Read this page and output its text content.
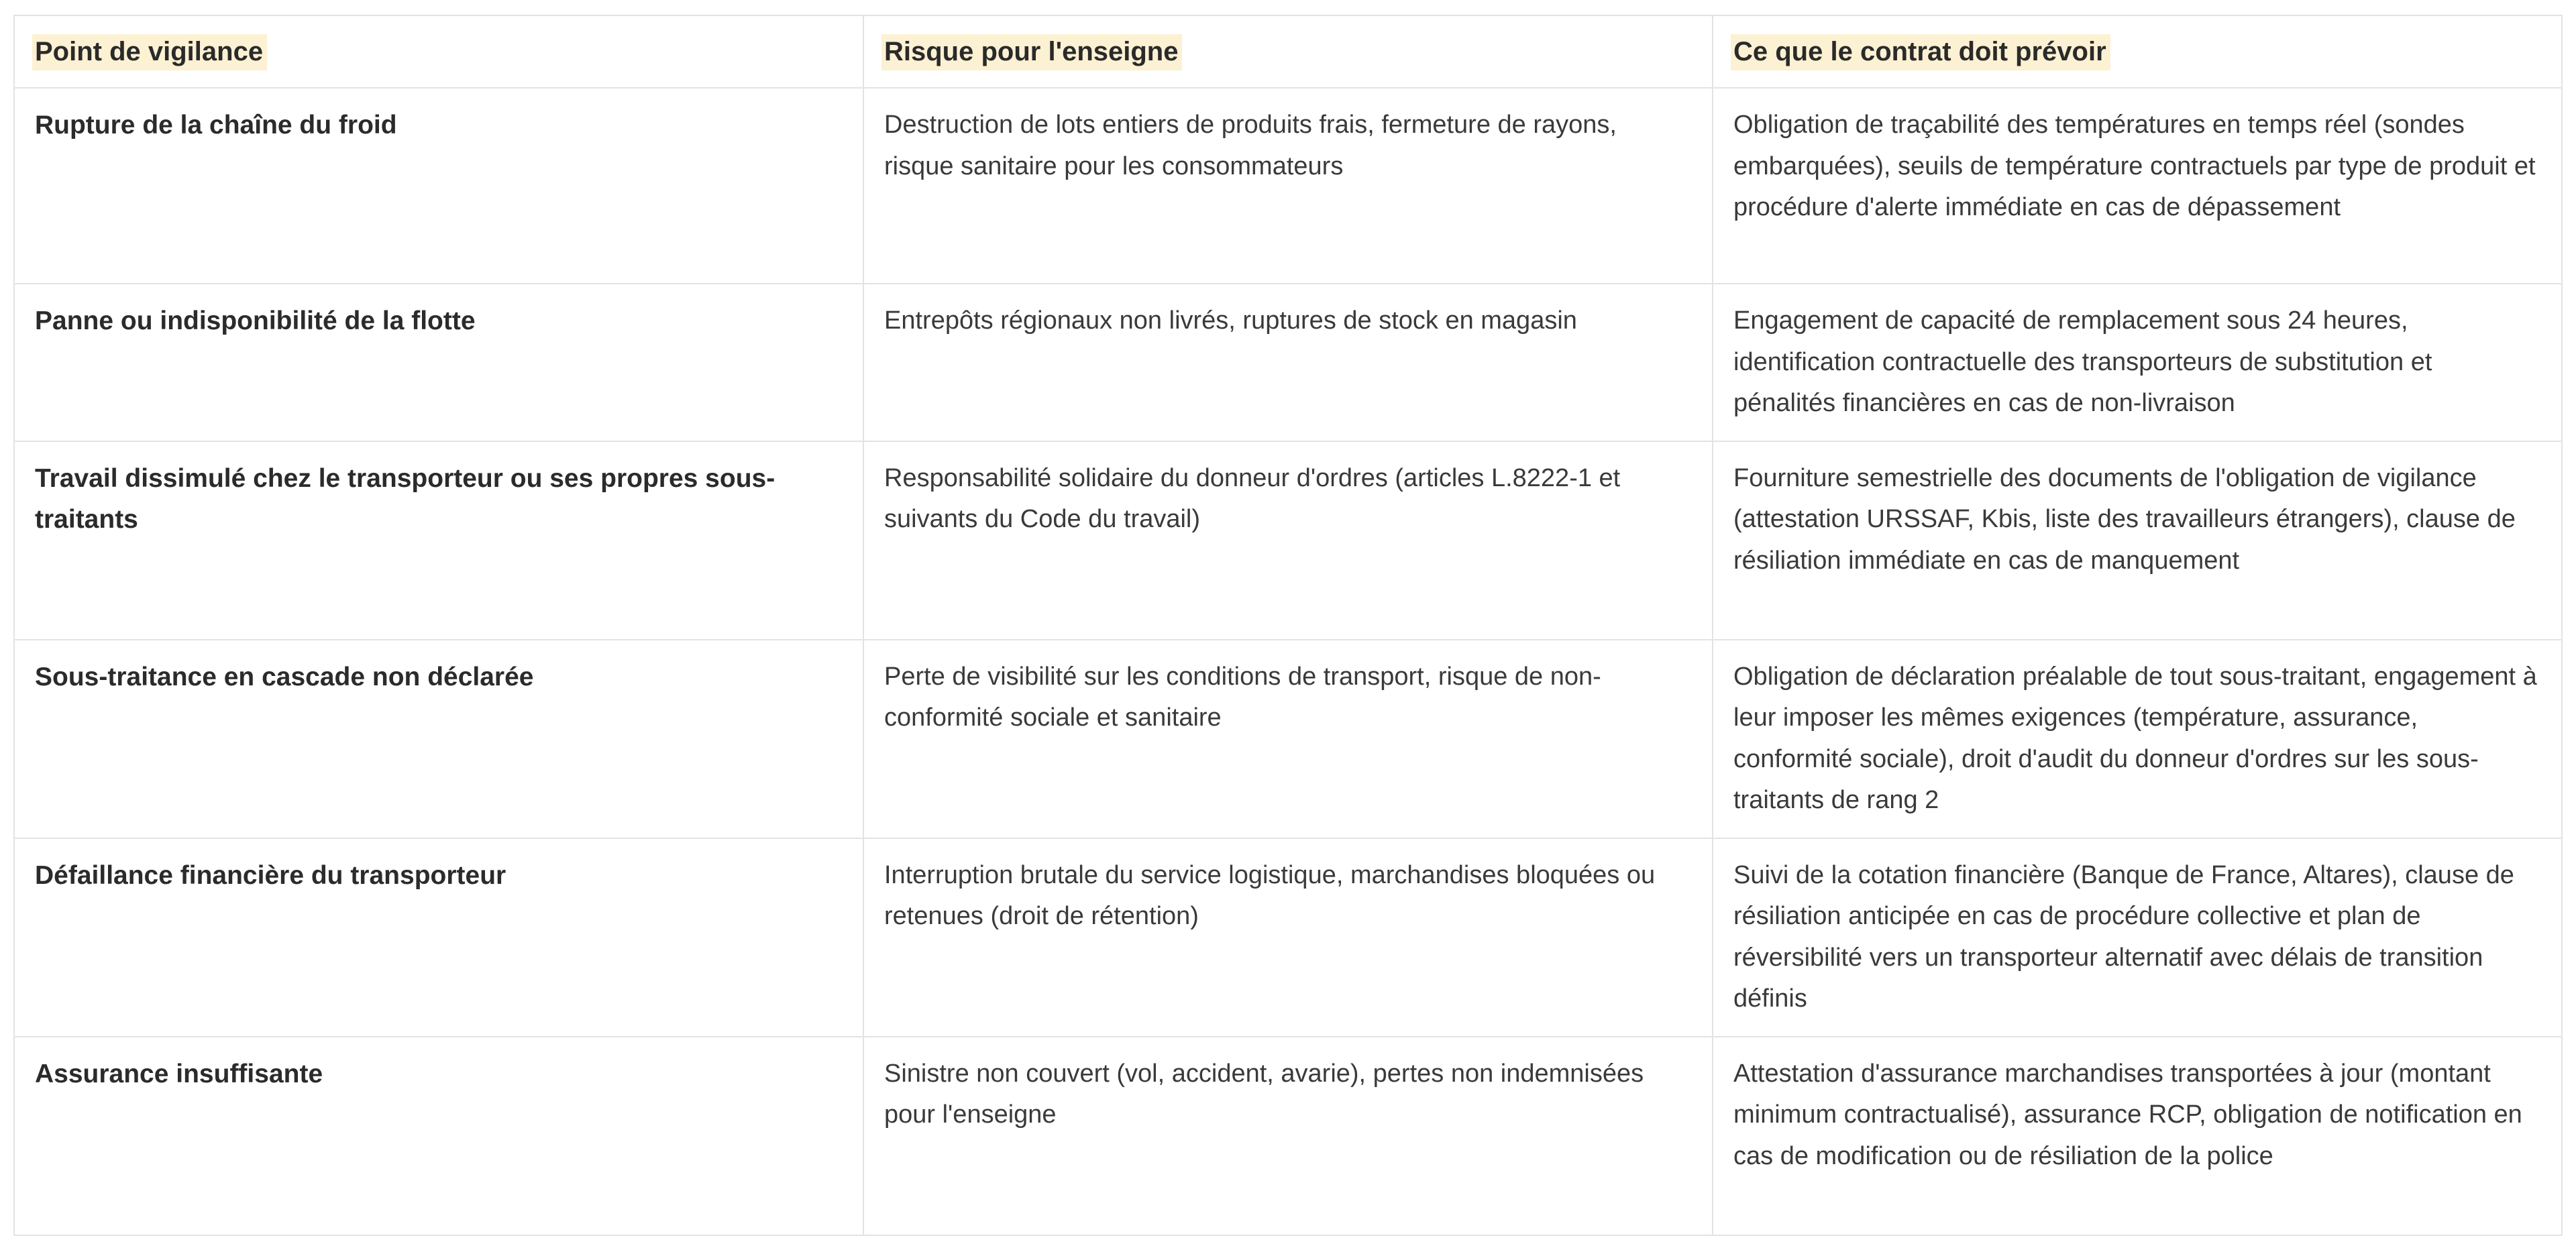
Point de vigilance	Risque pour l'enseigne	Ce que le contrat doit prévoir
Rupture de la chaîne du froid	Destruction de lots entiers de produits frais, fermeture de rayons, risque sanitaire pour les consommateurs	Obligation de traçabilité des températures en temps réel (sondes embarquées), seuils de température contractuels par type de produit et procédure d'alerte immédiate en cas de dépassement
Panne ou indisponibilité de la flotte	Entrepôts régionaux non livrés, ruptures de stock en magasin	Engagement de capacité de remplacement sous 24 heures, identification contractuelle des transporteurs de substitution et pénalités financières en cas de non-livraison
Travail dissimulé chez le transporteur ou ses propres sous-traitants	Responsabilité solidaire du donneur d'ordres (articles L.8222-1 et suivants du Code du travail)	Fourniture semestrielle des documents de l'obligation de vigilance (attestation URSSAF, Kbis, liste des travailleurs étrangers), clause de résiliation immédiate en cas de manquement
Sous-traitance en cascade non déclarée	Perte de visibilité sur les conditions de transport, risque de non-conformité sociale et sanitaire	Obligation de déclaration préalable de tout sous-traitant, engagement à leur imposer les mêmes exigences (température, assurance, conformité sociale), droit d'audit du donneur d'ordres sur les sous-traitants de rang 2
Défaillance financière du transporteur	Interruption brutale du service logistique, marchandises bloquées ou retenues (droit de rétention)	Suivi de la cotation financière (Banque de France, Altares), clause de résiliation anticipée en cas de procédure collective et plan de réversibilité vers un transporteur alternatif avec délais de transition définis
Assurance insuffisante	Sinistre non couvert (vol, accident, avarie), pertes non indemnisées pour l'enseigne	Attestation d'assurance marchandises transportées à jour (montant minimum contractualisé), assurance RCP, obligation de notification en cas de modification ou de résiliation de la police
